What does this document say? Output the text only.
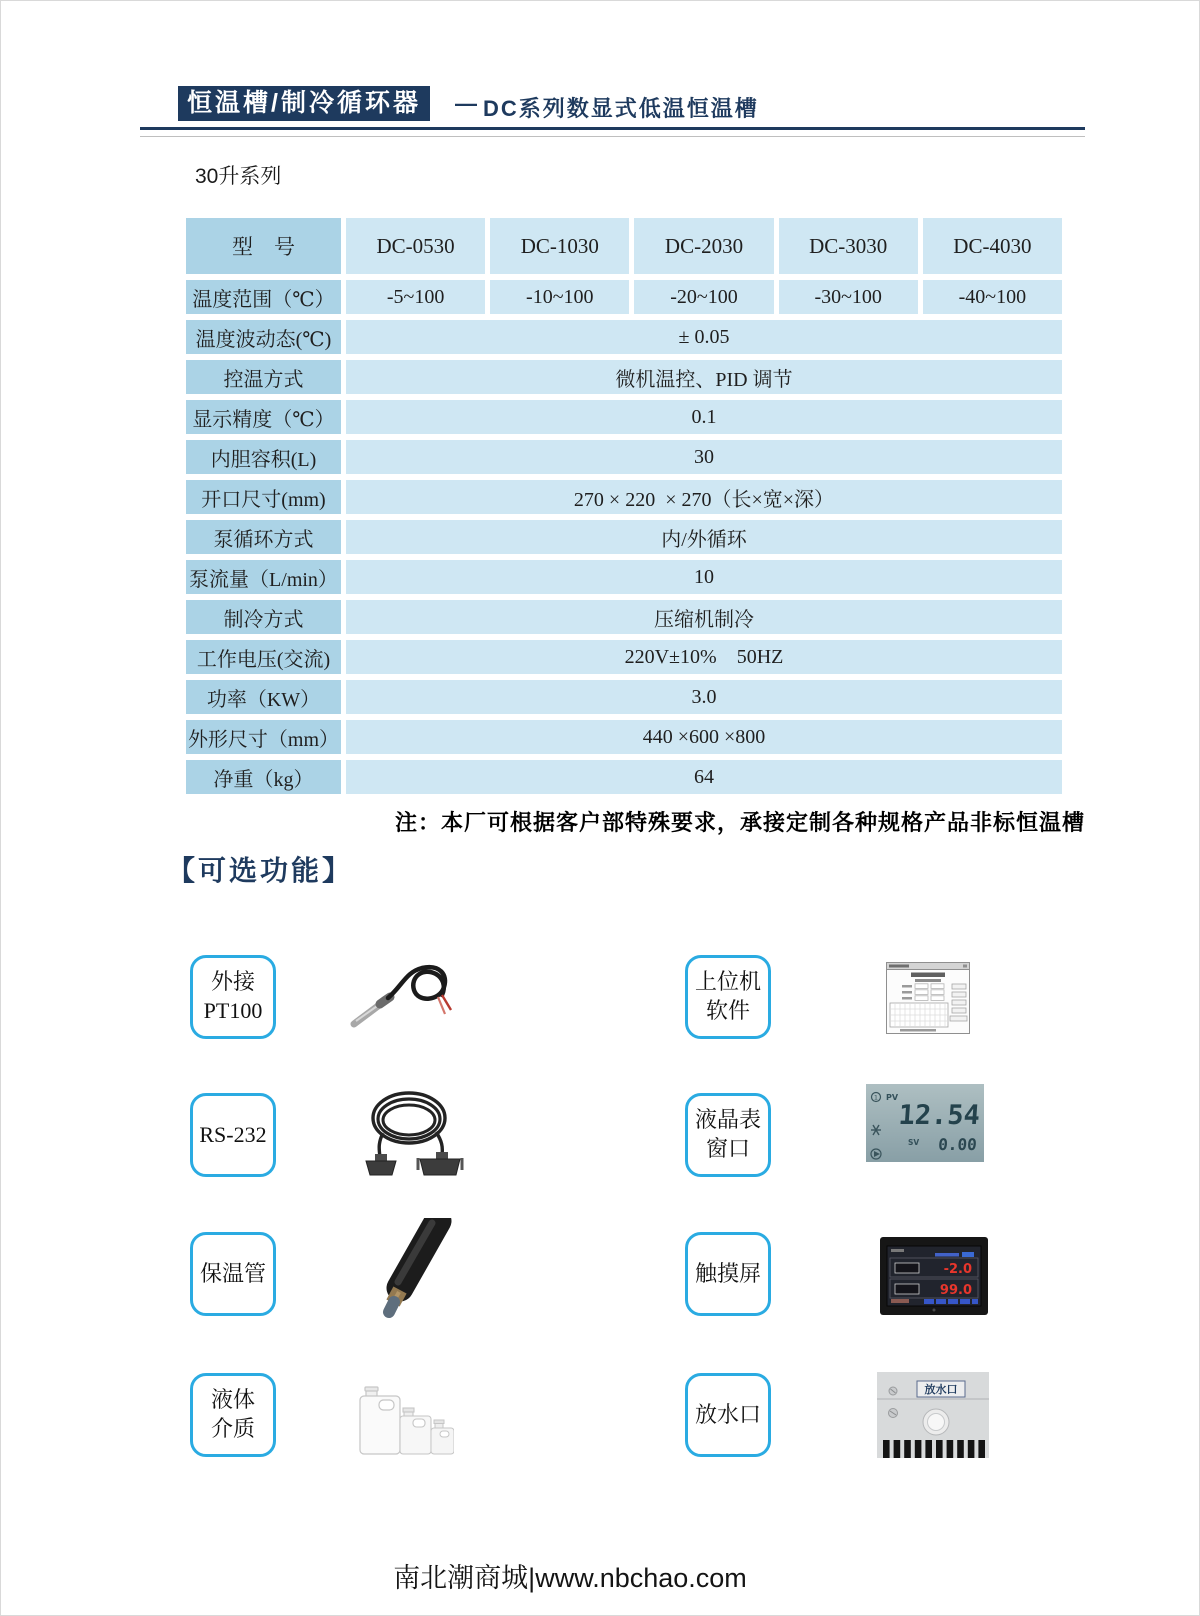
恒温槽/制冷循环器	— DC系列数显式低温恒温槽
30升系列
型　号	DC-0530	DC-1030	DC-2030	DC-3030	DC-4030
温度范围（℃）	-5~100	-10~100	-20~100	-30~100	-40~100
温度波动态(℃)	± 0.05
控温方式	微机温控、PID 调节
显示精度（℃）	0.1
内胆容积(L)	30
开口尺寸(mm)	270 × 220  × 270（长×宽×深）
泵循环方式	内/外循环
泵流量（L/min）	10
制冷方式	压缩机制冷
工作电压(交流)	220V±10%    50HZ
功率（KW）	3.0
外形尺寸（mm）	440 ×600 ×800
净重（kg）	64
注：本厂可根据客户部特殊要求，承接定制各种规格产品非标恒温槽
【可选功能】
南北潮商城|www.nbchao.com
外接
PT100
RS-232
保温管
液体
介质
上位机
软件
液晶表
窗口
1 PV
12.54
SV 0.00
触摸屏	-2.0
99.0
放水口
放水口
